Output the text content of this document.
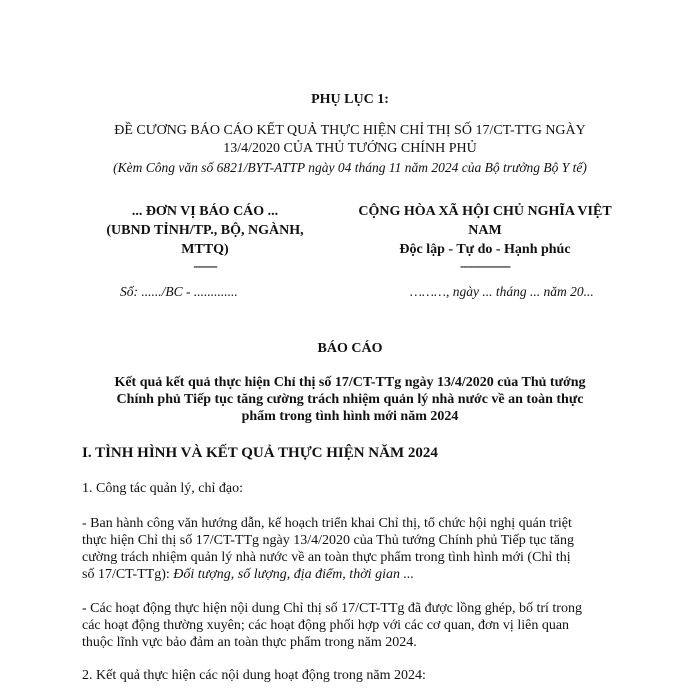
PHỤ LỤC 1:
ĐỀ CƯƠNG BÁO CÁO KẾT QUẢ THỰC HIỆN CHỈ THỊ SỐ 17/CT-TTG NGÀY
13/4/2020 CỦA THỦ TƯỚNG CHÍNH PHỦ
(Kèm Công văn số 6821/BYT-ATTP ngày 04 tháng 11 năm 2024 của Bộ trưởng Bộ Y tế)
... ĐƠN VỊ BÁO CÁO ...
(UBND TỈNH/TP., BỘ, NGÀNH,
MTTQ)
-------
CỘNG HÒA XÃ HỘI CHỦ NGHĨA VIỆT
NAM
Độc lập - Tự do - Hạnh phúc
---------------
Số: ....../BC - .............	………, ngày ... tháng ... năm 20...
BÁO CÁO
Kết quả kết quả thực hiện Chỉ thị số 17/CT-TTg ngày 13/4/2020 của Thủ tướng
Chính phủ Tiếp tục tăng cường trách nhiệm quản lý nhà nước về an toàn thực
phẩm trong tình hình mới năm 2024
I. TÌNH HÌNH VÀ KẾT QUẢ THỰC HIỆN NĂM 2024
1. Công tác quản lý, chỉ đạo:
- Ban hành công văn hướng dẫn, kế hoạch triển khai Chỉ thị, tổ chức hội nghị quán triệt
thực hiện Chỉ thị số 17/CT-TTg ngày 13/4/2020 của Thủ tướng Chính phủ Tiếp tục tăng
cường trách nhiệm quản lý nhà nước về an toàn thực phẩm trong tình hình mới (Chỉ thị
số 17/CT-TTg): Đối tượng, số lượng, địa điểm, thời gian ...
- Các hoạt động thực hiện nội dung Chỉ thị số 17/CT-TTg đã được lồng ghép, bố trí trong
các hoạt động thường xuyên; các hoạt động phối hợp với các cơ quan, đơn vị liên quan
thuộc lĩnh vực bảo đảm an toàn thực phẩm trong năm 2024.
2. Kết quả thực hiện các nội dung hoạt động trong năm 2024:
